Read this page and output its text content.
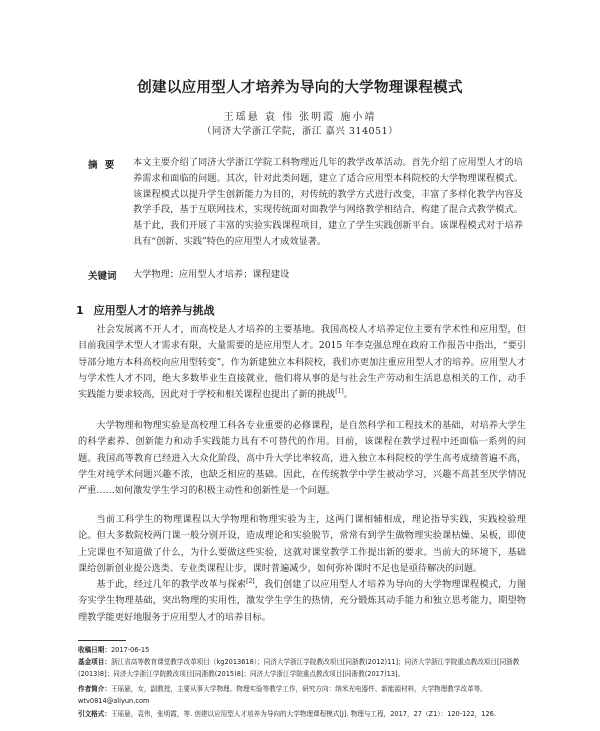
创建以应用型人才培养为导向的大学物理课程模式
王瑶悬 袁 伟 张明霞 施小靖
（同济大学浙江学院，浙江 嘉兴 314051）
摘 要 本文主要介绍了同济大学浙江学院工科物理近几年的教学改革活动。首先介绍了应用型人才的培养需求和面临的问题。其次，针对此类问题，建立了适合应用型本科院校的大学物理课程模式。该课程模式以提升学生创新能力为目的，对传统的教学方式进行改变，丰富了多样化教学内容及教学手段，基于互联网技术，实现传统面对面教学与网络教学相结合，构建了混合式教学模式。基于此，我们开展了丰富的实验实践课程项目，建立了学生实践创新平台。该课程模式对于培养具有“创新、实践”特色的应用型人才成效显著。
关键词 大学物理；应用型人才培养；课程建设
1 应用型人才的培养与挑战

社会发展离不开人才，而高校是人才培养的主要基地。我国高校人才培养定位主要有学术性和应用型，但目前我国学术型人才需求有限，大量需要的是应用型人才。2015 年李克强总理在政府工作报告中指出，“要引导部分地方本科高校向应用型转变”，作为新建独立本科院校，我们亦更加注重应用型人才的培养。应用型人才与学术性人才不同，绝大多数毕业生直接就业，他们将从事的是与社会生产劳动和生活息息相关的工作，动手实践能力要求较高，因此对于学校和相关课程也提出了新的挑战[1]。

大学物理和物理实验是高校理工科各专业重要的必修课程，是自然科学和工程技术的基础，对培养大学生的科学素养、创新能力和动手实践能力具有不可替代的作用。目前，该课程在教学过程中还面临一系列的问题。我国高等教育已经进入大众化阶段，高中升大学比率较高，进入独立本科院校的学生高考成绩普遍不高，学生对纯学术问题兴趣不浓，也缺乏相应的基础。因此，在传统教学中学生被动学习，兴趣不高甚至厌学情况严重……如何激发学生学习的积极主动性和创新性是一个问题。

当前工科学生的物理课程以大学物理和物理实验为主，这两门课相辅相成，理论指导实践，实践检验理论。但大多数院校两门课一般分别开设，造成理论和实验脱节，常常有到学生做物理实验课枯燥、呆板，即使上完课也不知道做了什么，为什么要做这些实验，这就对课堂教学工作提出新的要求。当前大的环境下，基础课给创新创业提公选类、专业类课程让步，课时普遍减少，如何弥补课时不足也是亟待解决的问题。

基于此，经过几年的教学改革与探索[2]，我们创建了以应用型人才培养为导向的大学物理课程模式，力图夯实学生物理基础，突出物理的实用性，激发学生学生的热情，充分锻炼其动手能力和独立思考能力，期望物理教学能更好地服务于应用型人才的培养目标。

收稿日期：2017-06-15
基金项目：浙江省高等教育课堂教学改革项目（kg2013618）；同济大学浙江学院教改项目[同浙教(2012)11]；同济大学浙江学院重点教改项目[同浙教(2013)8]；同济大学浙江学院教改项目[同浙教(2015)8]；同济大学浙江学院重点教改项目[同浙教(2017)13]。
作者简介：王瑶悬，女，副教授，主要从事大学物理、物理实验等教学工作，研究方向：纳米光电器件、新能源材料，大学物理教学改革等。wtv0814@aliyun.com
引文格式：王瑶悬，袁伟，张明霞，等. 创建以应用型人才培养为导向的大学物理课程模式[J]. 物理与工程，2017，27（Z1）：120-122，126.
